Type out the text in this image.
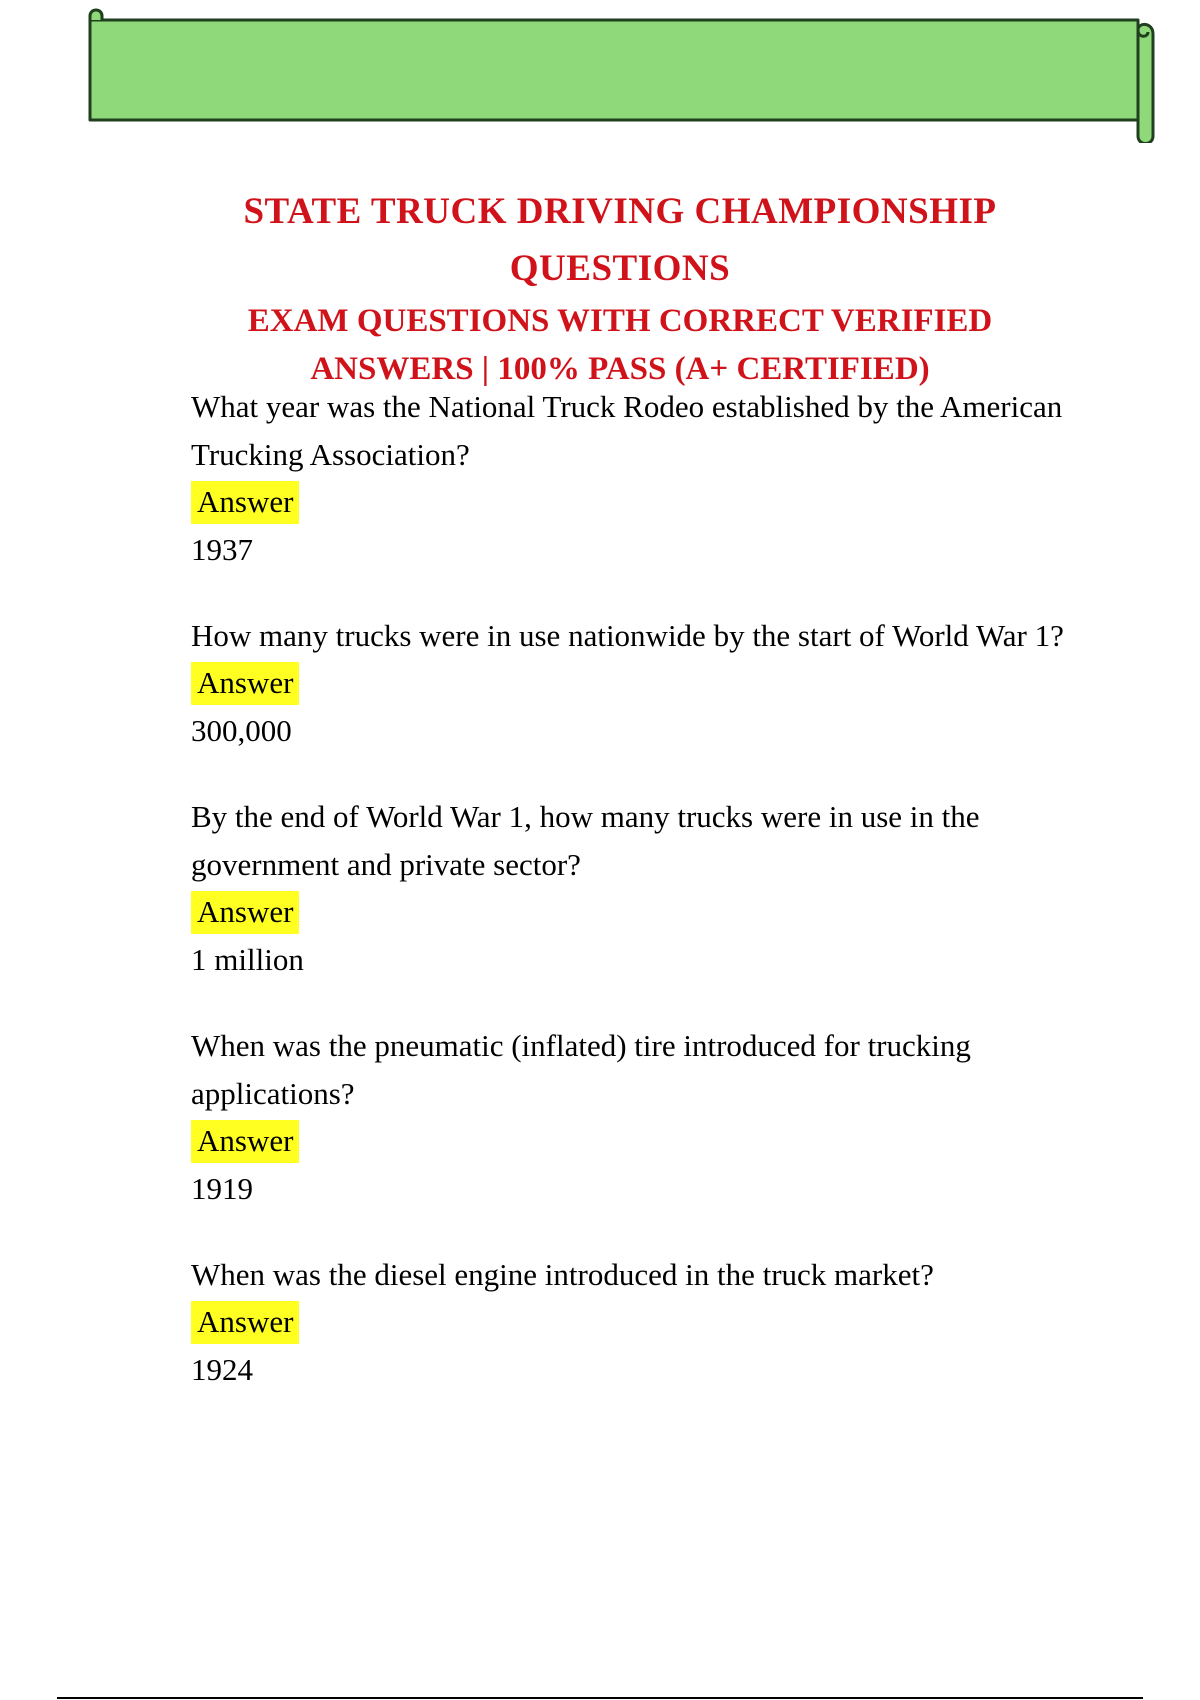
STATE TRUCK DRIVING CHAMPIONSHIP

QUESTIONS

EXAM QUESTIONS WITH CORRECT VERIFIED

ANSWERS | 100% PASS (A+ CERTIFIED)

What year was the National Truck Rodeo established by the American Trucking Association?

Answer

1937

How many trucks were in use nationwide by the start of World War 1?

Answer

300,000

By the end of World War 1, how many trucks were in use in the government and private sector?

Answer

1 million

When was the pneumatic (inflated) tire introduced for trucking applications?

Answer

1919

When was the diesel engine introduced in the truck market?

Answer

1924
